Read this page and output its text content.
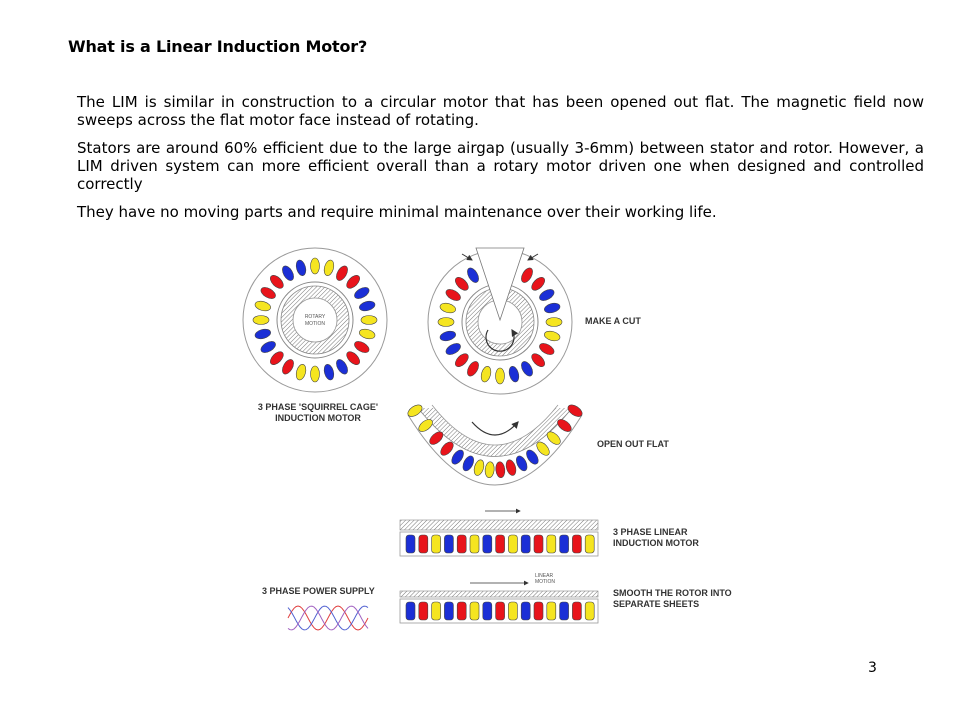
What is a Linear Induction Motor?

The LIM is similar in construction to a circular motor that has been opened out flat. The magnetic field now sweeps across the flat motor face instead of rotating.

Stators are around 60% efficient due to the large airgap (usually 3-6mm) between stator and rotor. However, a LIM driven system can more efficient overall than a rotary motor driven one when designed and controlled correctly

They have no moving parts and require minimal maintenance over their working life.

ROTARY
MOTION
3 PHASE 'SQUIRREL CAGE'
INDUCTION MOTOR
MAKE A CUT
OPEN OUT FLAT
3 PHASE LINEAR
INDUCTION MOTOR
LINEAR
MOTION
SMOOTH THE ROTOR INTO
SEPARATE SHEETS
3 PHASE POWER SUPPLY
3
